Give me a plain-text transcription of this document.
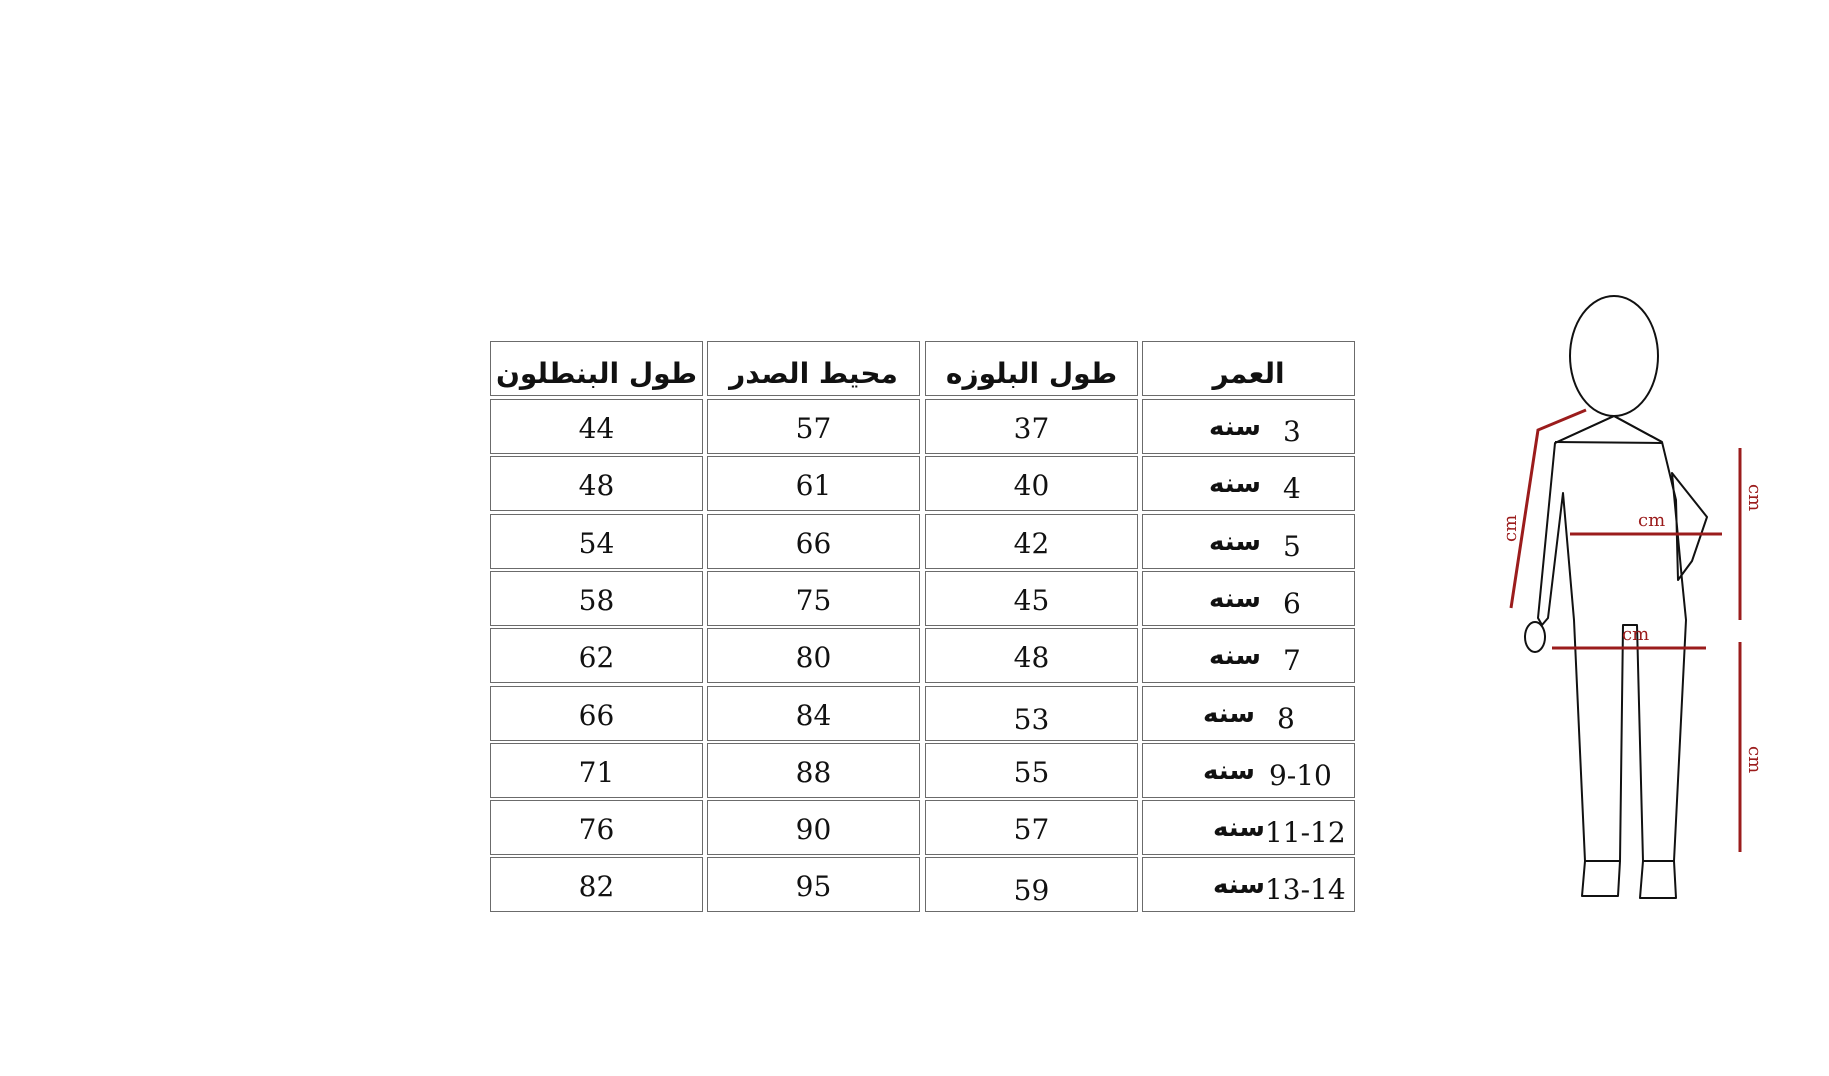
طول البنطلون	محيط الصدر	طول البلوزه	العمر
44	57	37	سنه 3
48	61	40	سنه 4
54	66	42	سنه 5
58	75	45	سنه 6
62	80	48	سنه 7
66	84	53	سنه 8
71	88	55	سنه 9-10
76	90	57	سنه 11-12
82	95	59	سنه 13-14
cm	cm
cm
cm
cm
